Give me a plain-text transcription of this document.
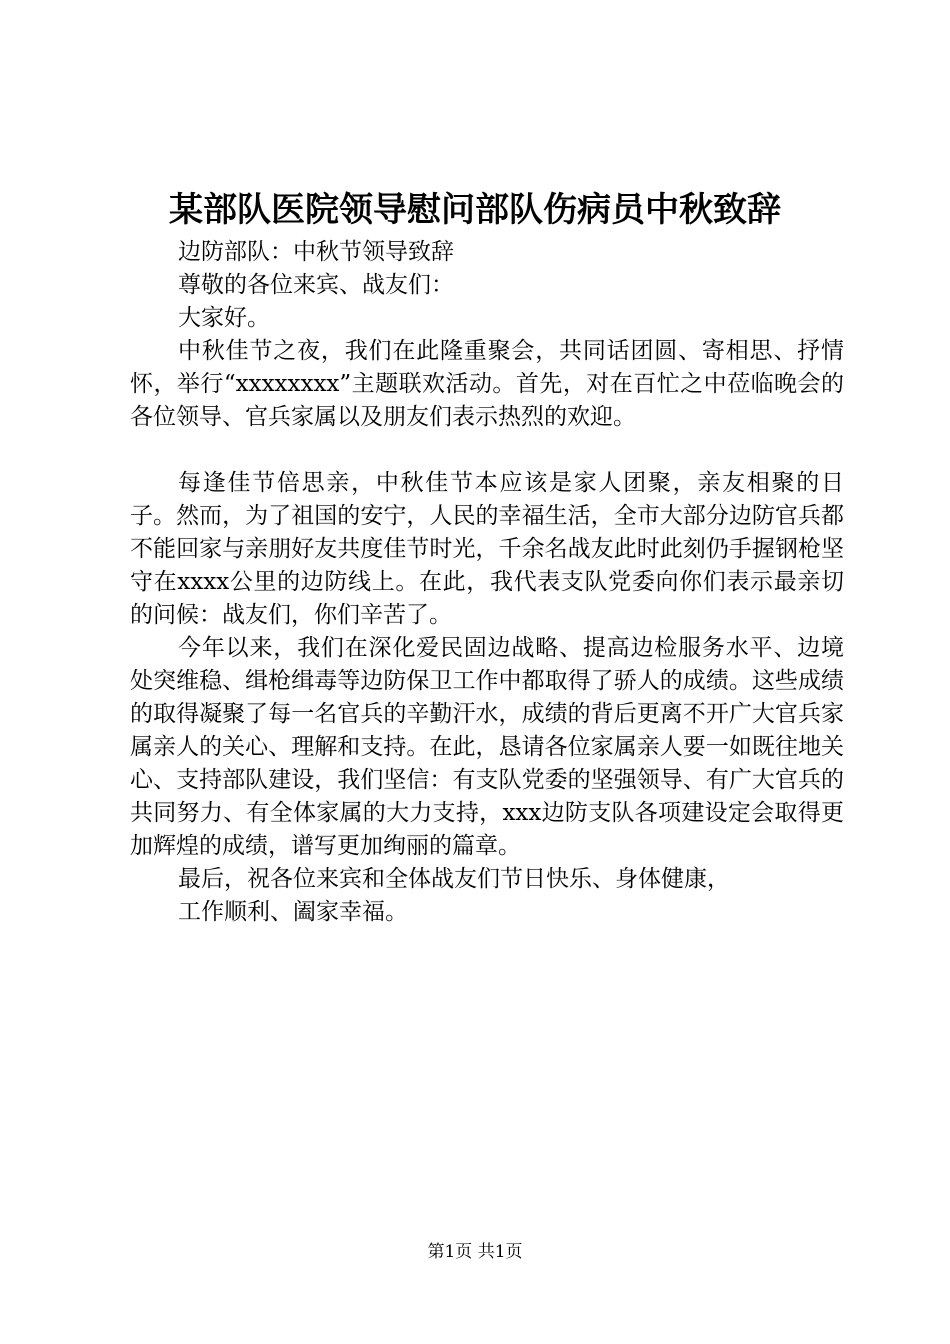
某部队医院领导慰问部队伤病员中秋致辞

边防部队：中秋节领导致辞

尊敬的各位来宾、战友们：

大家好。

中秋佳节之夜，我们在此隆重聚会，共同话团圆、寄相思、抒情怀，举行“xxxxxxxx”主题联欢活动。首先，对在百忙之中莅临晚会的各位领导、官兵家属以及朋友们表示热烈的欢迎。

每逢佳节倍思亲，中秋佳节本应该是家人团聚，亲友相聚的日子。然而，为了祖国的安宁，人民的幸福生活，全市大部分边防官兵都不能回家与亲朋好友共度佳节时光，千余名战友此时此刻仍手握钢枪坚守在xxxx公里的边防线上。在此，我代表支队党委向你们表示最亲切的问候：战友们，你们辛苦了。

今年以来，我们在深化爱民固边战略、提高边检服务水平、边境处突维稳、缉枪缉毒等边防保卫工作中都取得了骄人的成绩。这些成绩的取得凝聚了每一名官兵的辛勤汗水，成绩的背后更离不开广大官兵家属亲人的关心、理解和支持。在此，恳请各位家属亲人要一如既往地关心、支持部队建设，我们坚信：有支队党委的坚强领导、有广大官兵的共同努力、有全体家属的大力支持，xxx边防支队各项建设定会取得更加辉煌的成绩，谱写更加绚丽的篇章。

最后，祝各位来宾和全体战友们节日快乐、身体健康，

工作顺利、阖家幸福。

第1页 共1页
